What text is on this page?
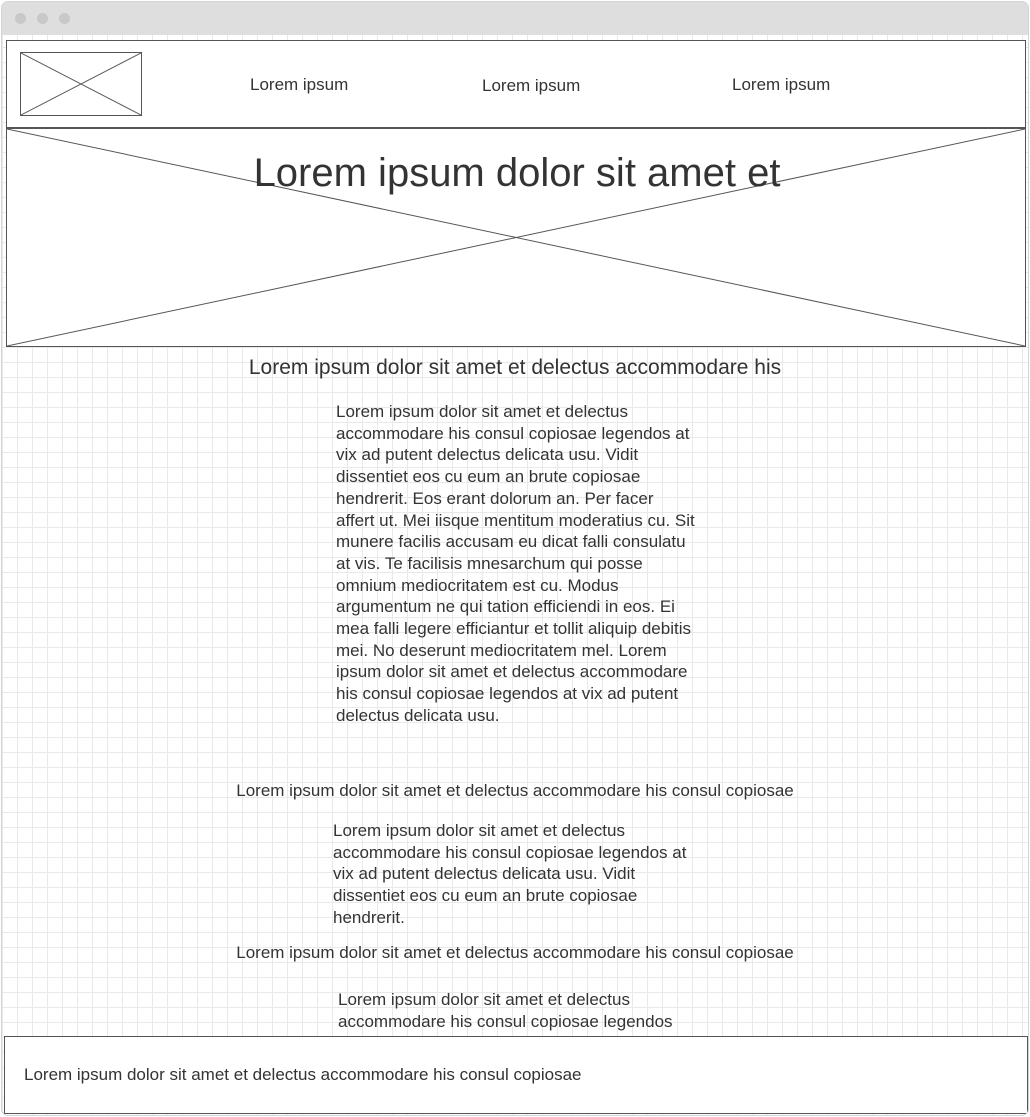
Lorem ipsum	Lorem ipsum	Lorem ipsum
Lorem ipsum dolor sit amet et
Lorem ipsum dolor sit amet et delectus accommodare his
Lorem ipsum dolor sit amet et delectus accommodare his consul copiosae legendos at vix ad putent delectus delicata usu. Vidit dissentiet eos cu eum an brute copiosae hendrerit. Eos erant dolorum an. Per facer affert ut. Mei iisque mentitum moderatius cu. Sit munere facilis accusam eu dicat falli consulatu at vis. Te facilisis mnesarchum qui posse omnium mediocritatem est cu. Modus argumentum ne qui tation efficiendi in eos. Ei mea falli legere efficiantur et tollit aliquip debitis mei. No deserunt mediocritatem mel. Lorem ipsum dolor sit amet et delectus accommodare his consul copiosae legendos at vix ad putent delectus delicata usu.
Lorem ipsum dolor sit amet et delectus accommodare his consul copiosae
Lorem ipsum dolor sit amet et delectus accommodare his consul copiosae legendos at vix ad putent delectus delicata usu. Vidit dissentiet eos cu eum an brute copiosae hendrerit.
Lorem ipsum dolor sit amet et delectus accommodare his consul copiosae
Lorem ipsum dolor sit amet et delectus accommodare his consul copiosae legendos
Lorem ipsum dolor sit amet et delectus accommodare his consul copiosae
